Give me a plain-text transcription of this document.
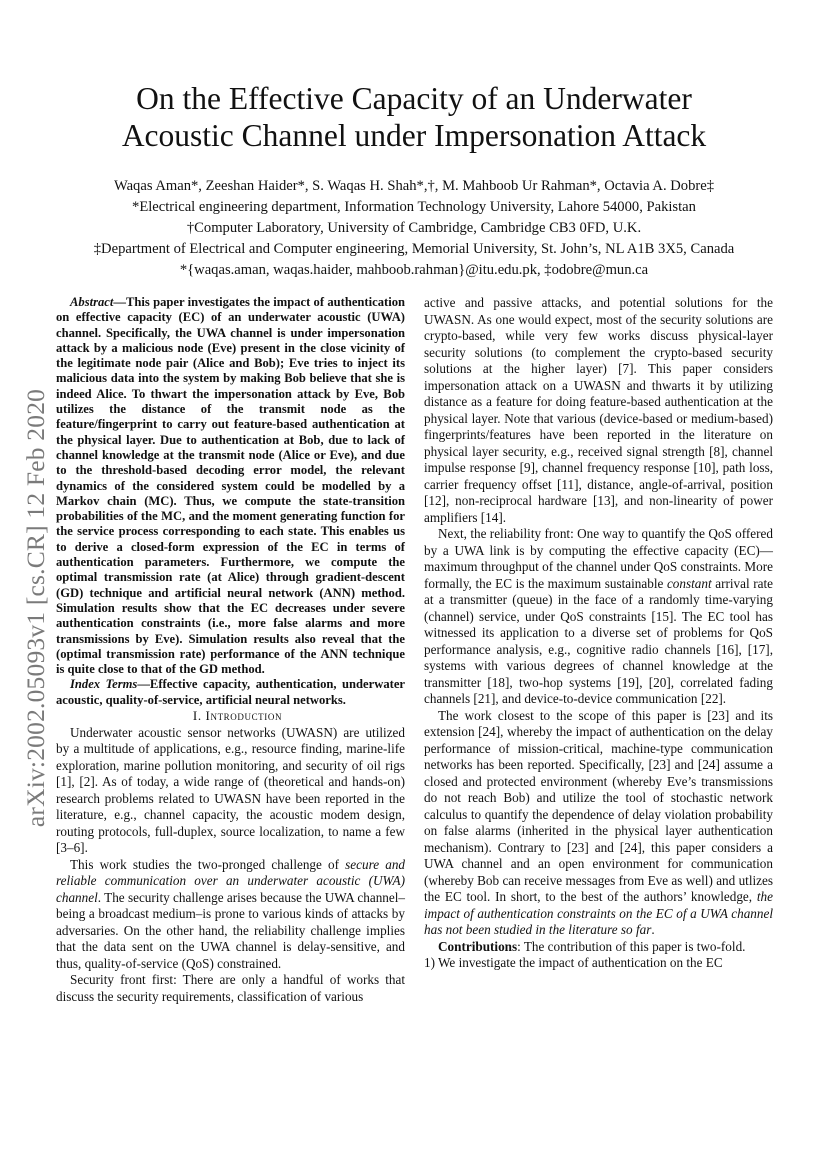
arXiv:2002.05093v1 [cs.CR] 12 Feb 2020
On the Effective Capacity of an Underwater
Acoustic Channel under Impersonation Attack
Waqas Aman*, Zeeshan Haider*, S. Waqas H. Shah*,†, M. Mahboob Ur Rahman*, Octavia A. Dobre‡
*Electrical engineering department, Information Technology University, Lahore 54000, Pakistan
†Computer Laboratory, University of Cambridge, Cambridge CB3 0FD, U.K.
‡Department of Electrical and Computer engineering, Memorial University, St. John’s, NL A1B 3X5, Canada
*{waqas.aman, waqas.haider, mahboob.rahman}@itu.edu.pk, ‡odobre@mun.ca

Abstract—This paper investigates the impact of authentication on effective capacity (EC) of an underwater acoustic (UWA) channel. Specifically, the UWA channel is under impersonation attack by a malicious node (Eve) present in the close vicinity of the legitimate node pair (Alice and Bob); Eve tries to inject its malicious data into the system by making Bob believe that she is indeed Alice. To thwart the impersonation attack by Eve, Bob utilizes the distance of the transmit node as the feature/fingerprint to carry out feature-based authentication at the physical layer. Due to authentication at Bob, due to lack of channel knowledge at the transmit node (Alice or Eve), and due to the threshold-based decoding error model, the relevant dynamics of the considered system could be modelled by a Markov chain (MC). Thus, we compute the state-transition probabilities of the MC, and the moment generating function for the service process corresponding to each state. This enables us to derive a closed-form expression of the EC in terms of authentication parameters. Furthermore, we compute the optimal transmission rate (at Alice) through gradient-descent (GD) technique and artificial neural network (ANN) method. Simulation results show that the EC decreases under severe authentication constraints (i.e., more false alarms and more transmissions by Eve). Simulation results also reveal that the (optimal transmission rate) performance of the ANN technique is quite close to that of the GD method.

Index Terms—Effective capacity, authentication, underwater acoustic, quality-of-service, artificial neural networks.

I. Introduction

Underwater acoustic sensor networks (UWASN) are utilized by a multitude of applications, e.g., resource finding, marine-life exploration, marine pollution monitoring, and security of oil rigs [1], [2]. As of today, a wide range of (theoretical and hands-on) research problems related to UWASN have been reported in the literature, e.g., channel capacity, the acoustic modem design, routing protocols, full-duplex, source localization, to name a few [3–6].

This work studies the two-pronged challenge of secure and reliable communication over an underwater acoustic (UWA) channel. The security challenge arises because the UWA channel–being a broadcast medium–is prone to various kinds of attacks by adversaries. On the other hand, the reliability challenge implies that the data sent on the UWA channel is delay-sensitive, and thus, quality-of-service (QoS) constrained.

Security front first: There are only a handful of works that discuss the security requirements, classification of various

active and passive attacks, and potential solutions for the UWASN. As one would expect, most of the security solutions are crypto-based, while very few works discuss physical-layer security solutions (to complement the crypto-based security solutions at the higher layer) [7]. This paper considers impersonation attack on a UWASN and thwarts it by utilizing distance as a feature for doing feature-based authentication at the physical layer. Note that various (device-based or medium-based) fingerprints/features have been reported in the literature on physical layer security, e.g., received signal strength [8], channel impulse response [9], channel frequency response [10], path loss, carrier frequency offset [11], distance, angle-of-arrival, position [12], non-reciprocal hardware [13], and non-linearity of power amplifiers [14].

Next, the reliability front: One way to quantify the QoS offered by a UWA link is by computing the effective capacity (EC)—maximum throughput of the channel under QoS constraints. More formally, the EC is the maximum sustainable constant arrival rate at a transmitter (queue) in the face of a randomly time-varying (channel) service, under QoS constraints [15]. The EC tool has witnessed its application to a diverse set of problems for QoS performance analysis, e.g., cognitive radio channels [16], [17], systems with various degrees of channel knowledge at the transmitter [18], two-hop systems [19], [20], correlated fading channels [21], and device-to-device communication [22].

The work closest to the scope of this paper is [23] and its extension [24], whereby the impact of authentication on the delay performance of mission-critical, machine-type communication networks has been reported. Specifically, [23] and [24] assume a closed and protected environment (whereby Eve’s transmissions do not reach Bob) and utilize the tool of stochastic network calculus to quantify the dependence of delay violation probability on false alarms (inherited in the physical layer authentication mechanism). Contrary to [23] and [24], this paper considers a UWA channel and an open environment for communication (whereby Bob can receive messages from Eve as well) and utlizes the EC tool. In short, to the best of the authors’ knowledge, the impact of authentication constraints on the EC of a UWA channel has not been studied in the literature so far.

Contributions: The contribution of this paper is two-fold.

1) We investigate the impact of authentication on the EC
